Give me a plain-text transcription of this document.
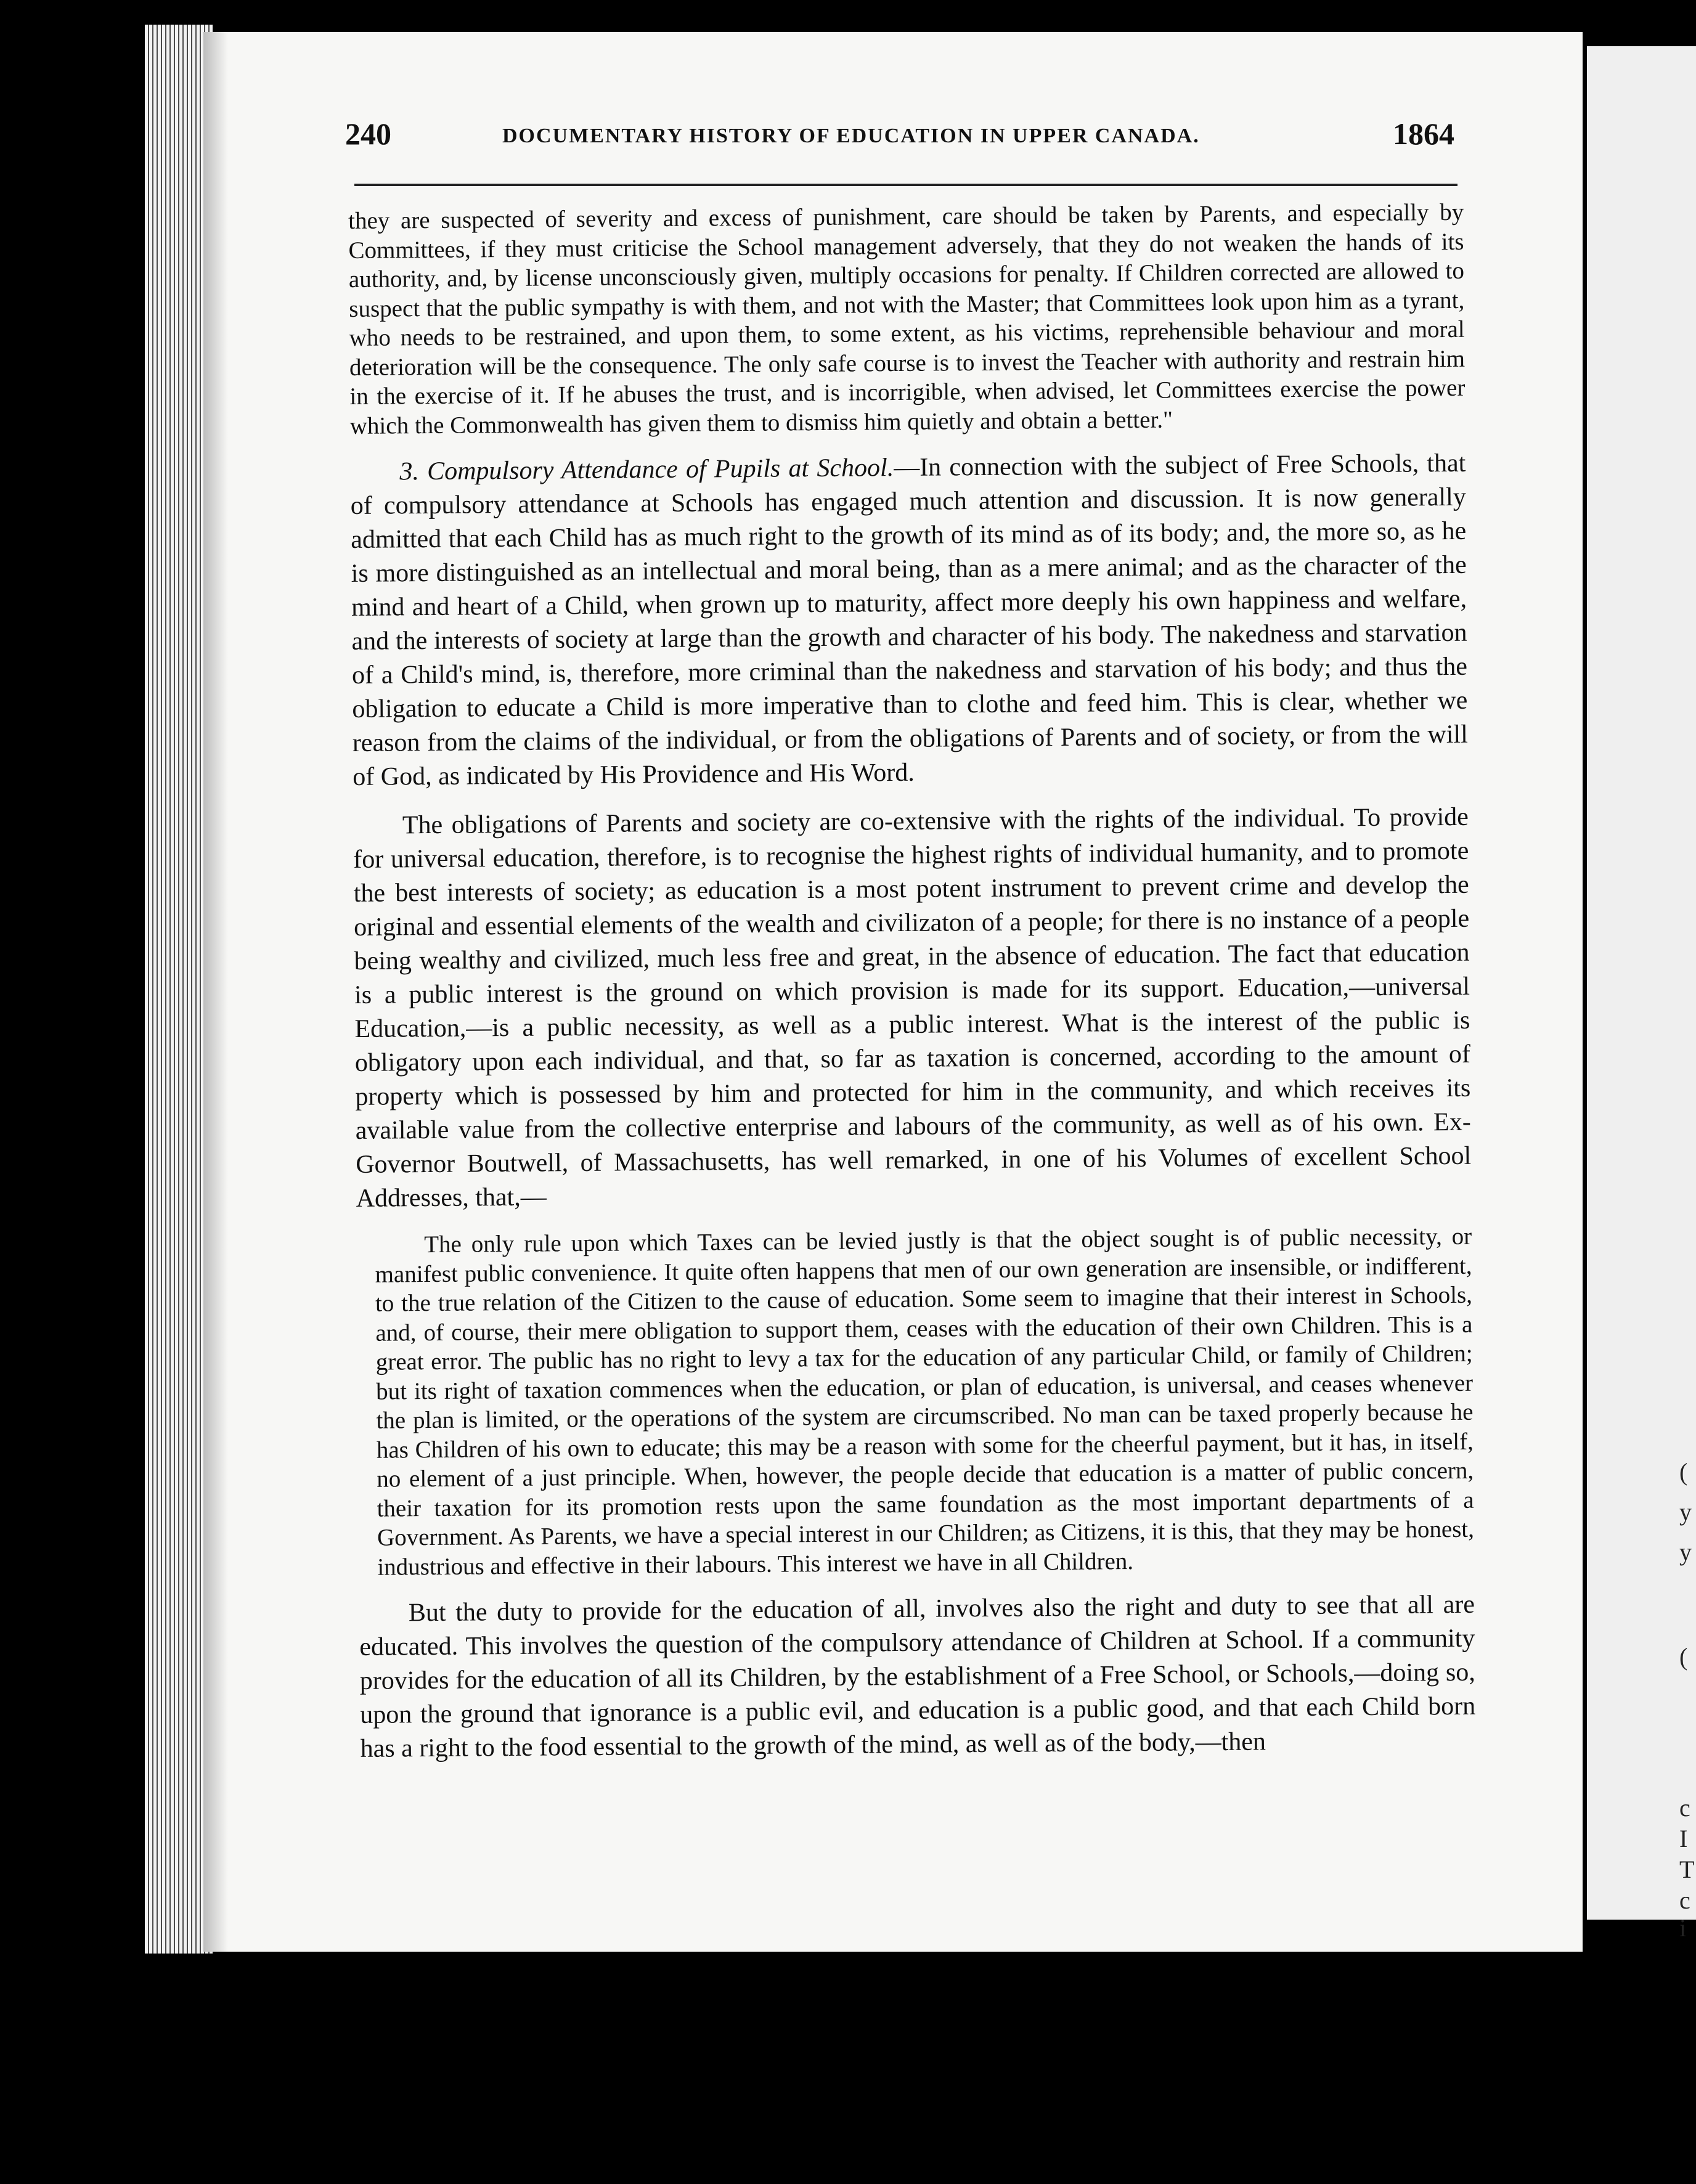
(
y
y
(
c
I
T
c
i
240	DOCUMENTARY HISTORY OF EDUCATION IN UPPER CANADA.	1864

they are suspected of severity and excess of punishment, care should be taken by Parents, and especially by Committees, if they must criticise the School management adversely, that they do not weaken the hands of its authority, and, by license unconsciously given, multiply occasions for penalty. If Children corrected are allowed to suspect that the public sympathy is with them, and not with the Master; that Committees look upon him as a tyrant, who needs to be restrained, and upon them, to some extent, as his victims, reprehensible behaviour and moral deterioration will be the consequence. The only safe course is to invest the Teacher with authority and restrain him in the exercise of it. If he abuses the trust, and is incorrigible, when advised, let Committees exercise the power which the Commonwealth has given them to dismiss him quietly and obtain a better."

3. Compulsory Attendance of Pupils at School.—In connection with the subject of Free Schools, that of compulsory attendance at Schools has engaged much attention and discussion. It is now generally admitted that each Child has as much right to the growth of its mind as of its body; and, the more so, as he is more distinguished as an intellectual and moral being, than as a mere animal; and as the character of the mind and heart of a Child, when grown up to maturity, affect more deeply his own happiness and welfare, and the interests of society at large than the growth and character of his body. The nakedness and starvation of a Child's mind, is, therefore, more criminal than the nakedness and starvation of his body; and thus the obligation to educate a Child is more imperative than to clothe and feed him. This is clear, whether we reason from the claims of the individual, or from the obligations of Parents and of society, or from the will of God, as indicated by His Providence and His Word.

The obligations of Parents and society are co-extensive with the rights of the individual. To provide for universal education, therefore, is to recognise the highest rights of individual humanity, and to promote the best interests of society; as education is a most potent instrument to prevent crime and develop the original and essential elements of the wealth and civilizaton of a people; for there is no instance of a people being wealthy and civilized, much less free and great, in the absence of education. The fact that education is a public interest is the ground on which provision is made for its support. Education,—universal Education,—is a public necessity, as well as a public interest. What is the interest of the public is obligatory upon each individual, and that, so far as taxation is concerned, according to the amount of property which is possessed by him and protected for him in the community, and which receives its available value from the collective enterprise and labours of the community, as well as of his own. Ex-Governor Boutwell, of Massachusetts, has well remarked, in one of his Volumes of excellent School Addresses, that,—

The only rule upon which Taxes can be levied justly is that the object sought is of public necessity, or manifest public convenience. It quite often happens that men of our own generation are insensible, or indifferent, to the true relation of the Citizen to the cause of education. Some seem to imagine that their interest in Schools, and, of course, their mere obligation to support them, ceases with the education of their own Children. This is a great error. The public has no right to levy a tax for the education of any particular Child, or family of Children; but its right of taxation commences when the education, or plan of education, is universal, and ceases whenever the plan is limited, or the operations of the system are circumscribed. No man can be taxed properly because he has Children of his own to educate; this may be a reason with some for the cheerful payment, but it has, in itself, no element of a just principle. When, however, the people decide that education is a matter of public concern, their taxation for its promotion rests upon the same foundation as the most important departments of a Government. As Parents, we have a special interest in our Children; as Citizens, it is this, that they may be honest, industrious and effective in their labours. This interest we have in all Children.

But the duty to provide for the education of all, involves also the right and duty to see that all are educated. This involves the question of the compulsory attendance of Children at School. If a community provides for the education of all its Children, by the establishment of a Free School, or Schools,—doing so, upon the ground that ignorance is a public evil, and education is a public good, and that each Child born has a right to the food essential to the growth of the mind, as well as of the body,—then
